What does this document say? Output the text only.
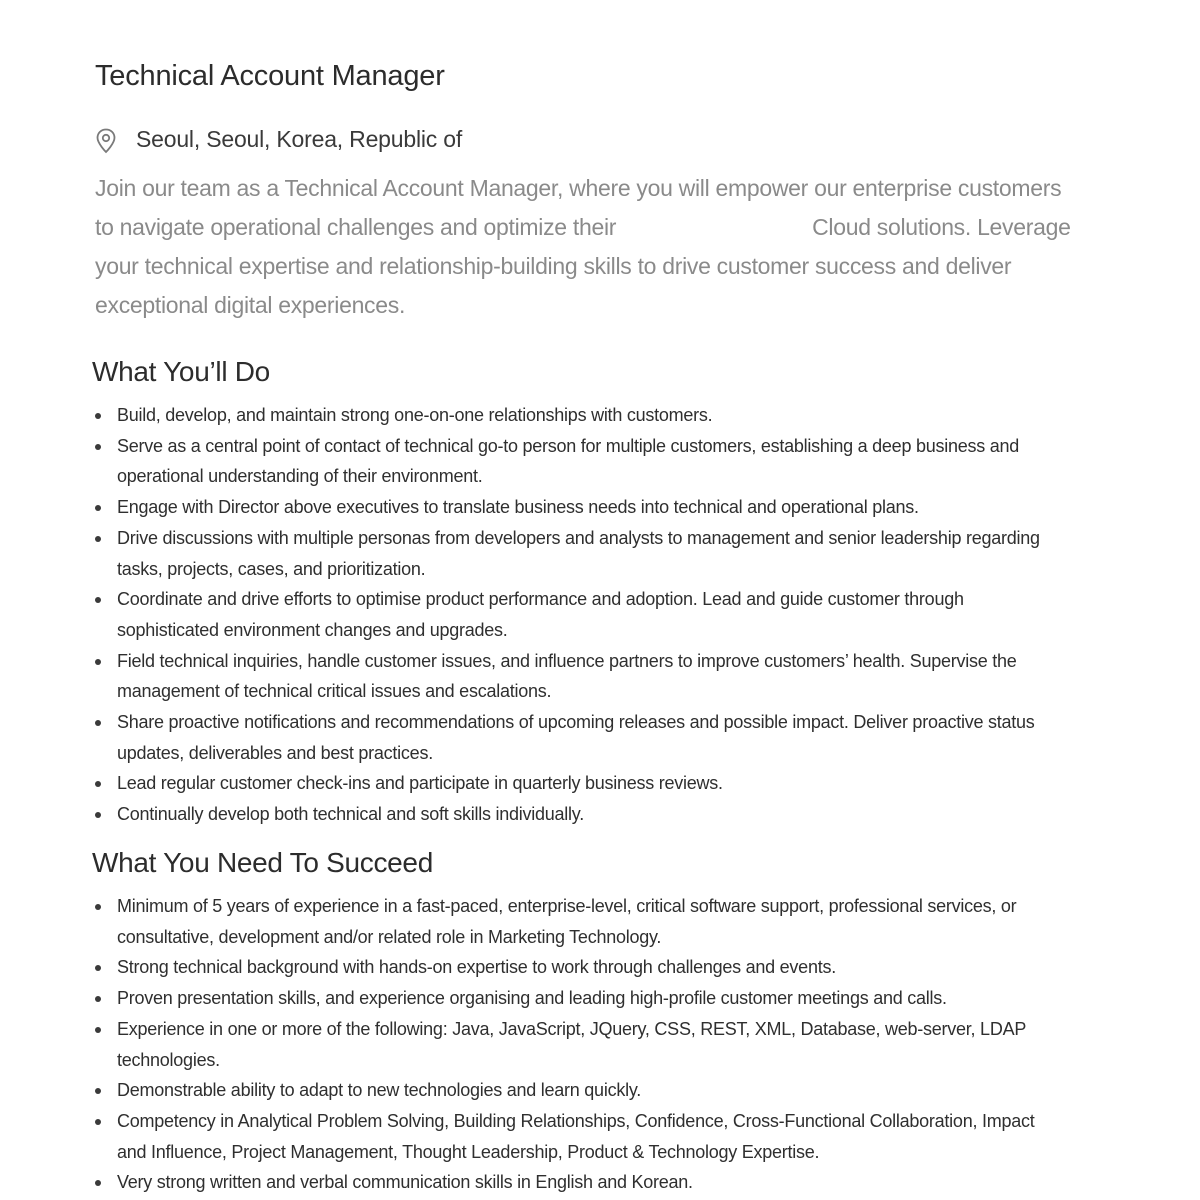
Technical Account Manager
Seoul, Seoul, Korea, Republic of

Join our team as a Technical Account Manager, where you will empower our enterprise customers
to navigate operational challenges and optimize their	Cloud solutions. Leverage
your technical expertise and relationship-building skills to drive customer success and deliver
exceptional digital experiences.

What You’ll Do
Build, develop, and maintain strong one-on-one relationships with customers.
Serve as a central point of contact of technical go-to person for multiple customers, establishing a deep business and
operational understanding of their environment.
Engage with Director above executives to translate business needs into technical and operational plans.
Drive discussions with multiple personas from developers and analysts to management and senior leadership regarding
tasks, projects, cases, and prioritization.
Coordinate and drive efforts to optimise product performance and adoption. Lead and guide customer through
sophisticated environment changes and upgrades.
Field technical inquiries, handle customer issues, and influence partners to improve customers’ health. Supervise the
management of technical critical issues and escalations.
Share proactive notifications and recommendations of upcoming releases and possible impact. Deliver proactive status
updates, deliverables and best practices.
Lead regular customer check-ins and participate in quarterly business reviews.
Continually develop both technical and soft skills individually.
What You Need To Succeed
Minimum of 5 years of experience in a fast-paced, enterprise-level, critical software support, professional services, or
consultative, development and/or related role in Marketing Technology.
Strong technical background with hands-on expertise to work through challenges and events.
Proven presentation skills, and experience organising and leading high-profile customer meetings and calls.
Experience in one or more of the following: Java, JavaScript, JQuery, CSS, REST, XML, Database, web-server, LDAP
technologies.
Demonstrable ability to adapt to new technologies and learn quickly.
Competency in Analytical Problem Solving, Building Relationships, Confidence, Cross-Functional Collaboration, Impact
and Influence, Project Management, Thought Leadership, Product & Technology Expertise.
Very strong written and verbal communication skills in English and Korean.
